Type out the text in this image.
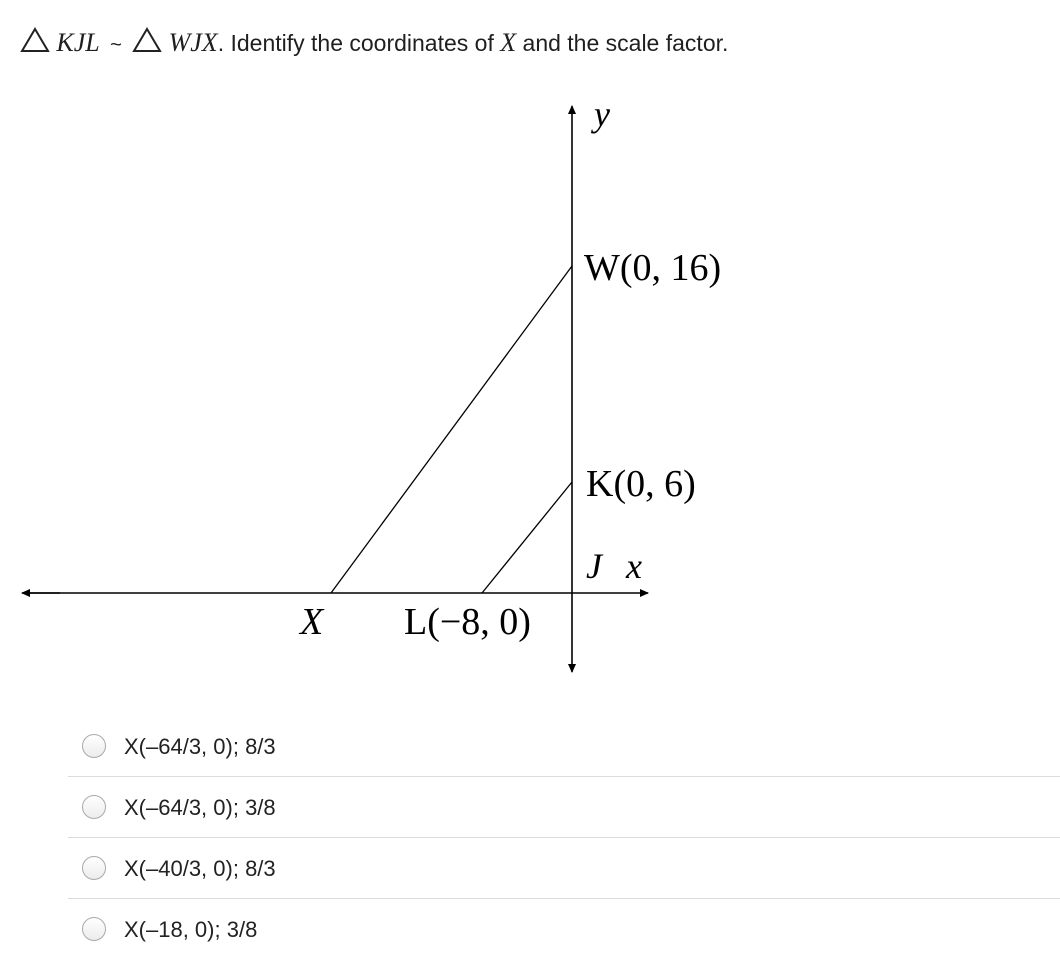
KJL ~ WJX. Identify the coordinates of X and the scale factor.
y
W(0, 16)
K(0, 6)
J x
X L(−8, 0)
X(–64/3, 0); 8/3
X(–64/3, 0); 3/8
X(–40/3, 0); 8/3
X(–18, 0); 3/8
